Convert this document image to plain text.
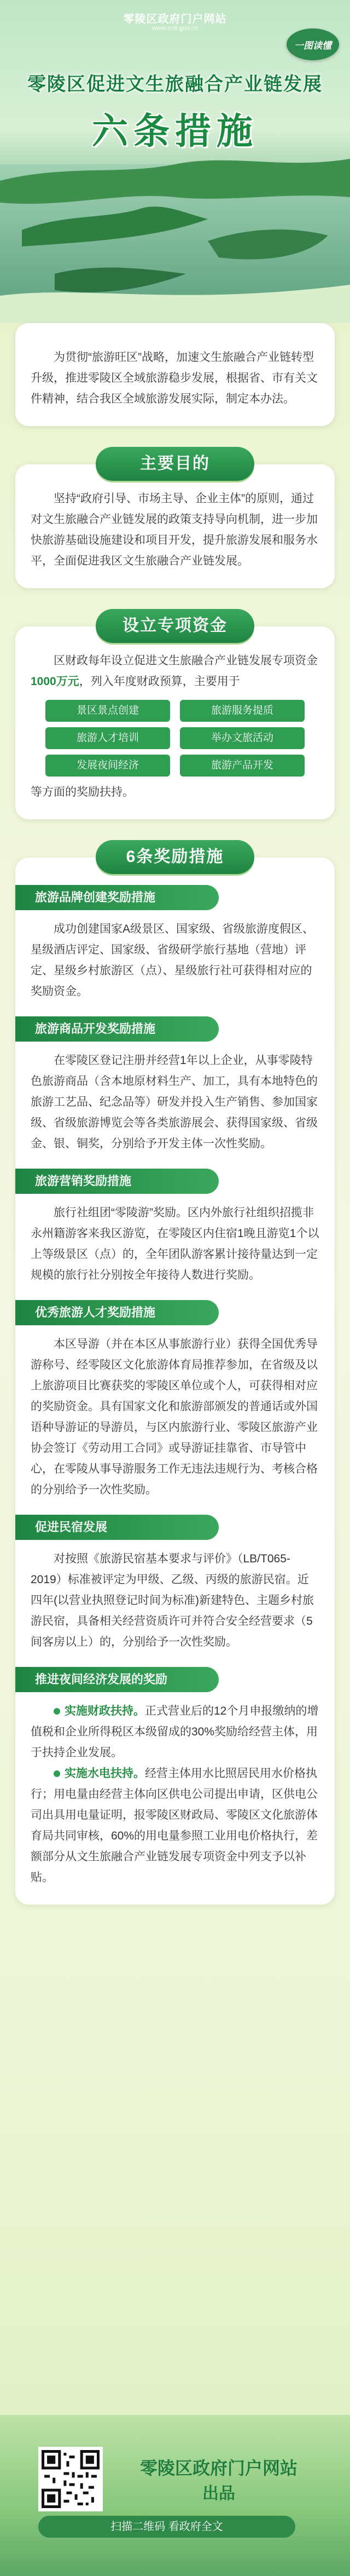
零陵区政府门户网站
www.cnll.gov.cn
一图读懂
零陵区促进文生旅融合产业链发展
六条措施

为贯彻“旅游旺区”战略，加速文生旅融合产业链转型升级，推进零陵区全域旅游稳步发展，根据省、市有关文件精神，结合我区全域旅游发展实际，制定本办法。

主要目的

坚持“政府引导、市场主导、企业主体”的原则，通过对文生旅融合产业链发展的政策支持导向机制，进一步加快旅游基础设施建设和项目开发，提升旅游发展和服务水平，全面促进我区文生旅融合产业链发展。

设立专项资金

区财政每年设立促进文生旅融合产业链发展专项资金1000万元，列入年度财政预算，主要用于

景区景点创建	旅游服务提质
旅游人才培训	举办文旅活动
发展夜间经济	旅游产品开发

等方面的奖励扶持。

6条奖励措施
旅游品牌创建奖励措施

成功创建国家A级景区、国家级、省级旅游度假区、星级酒店评定、国家级、省级研学旅行基地（营地）评定、星级乡村旅游区（点）、星级旅行社可获得相对应的奖励资金。

旅游商品开发奖励措施

在零陵区登记注册并经营1年以上企业，从事零陵特色旅游商品（含本地原材料生产、加工，具有本地特色的旅游工艺品、纪念品等）研发并投入生产销售、参加国家级、省级旅游博览会等各类旅游展会、获得国家级、省级金、银、铜奖，分别给予开发主体一次性奖励。

旅游营销奖励措施

旅行社组团“零陵游”奖励。区内外旅行社组织招揽非永州籍游客来我区游览，在零陵区内住宿1晚且游览1个以上等级景区（点）的，全年团队游客累计接待量达到一定规模的旅行社分别按全年接待人数进行奖励。

优秀旅游人才奖励措施

本区导游（并在本区从事旅游行业）获得全国优秀导游称号、经零陵区文化旅游体育局推荐参加，在省级及以上旅游项目比赛获奖的零陵区单位或个人，可获得相对应的奖励资金。具有国家文化和旅游部颁发的普通话或外国语种导游证的导游员，与区内旅游行业、零陵区旅游产业协会签订《劳动用工合同》或导游证挂靠省、市导管中心，在零陵从事导游服务工作无违法违规行为、考核合格的分别给予一次性奖励。

促进民宿发展

对按照《旅游民宿基本要求与评价》（LB/T065-2019）标准被评定为甲级、乙级、丙级的旅游民宿。近四年(以营业执照登记时间为标准)新建特色、主题乡村旅游民宿，具备相关经营资质许可并符合安全经营要求（5间客房以上）的，分别给予一次性奖励。

推进夜间经济发展的奖励

实施财政扶持。正式营业后的12个月申报缴纳的增值税和企业所得税区本级留成的30%奖励给经营主体，用于扶持企业发展。

实施水电扶持。经营主体用水比照居民用水价格执行；用电量由经营主体向区供电公司提出申请，区供电公司出具用电量证明，报零陵区财政局、零陵区文化旅游体育局共同审核，60%的用电量参照工业用电价格执行，差额部分从文生旅融合产业链发展专项资金中列支予以补贴。

零陵区政府门户网站
出品
扫描二维码 看政府全文
